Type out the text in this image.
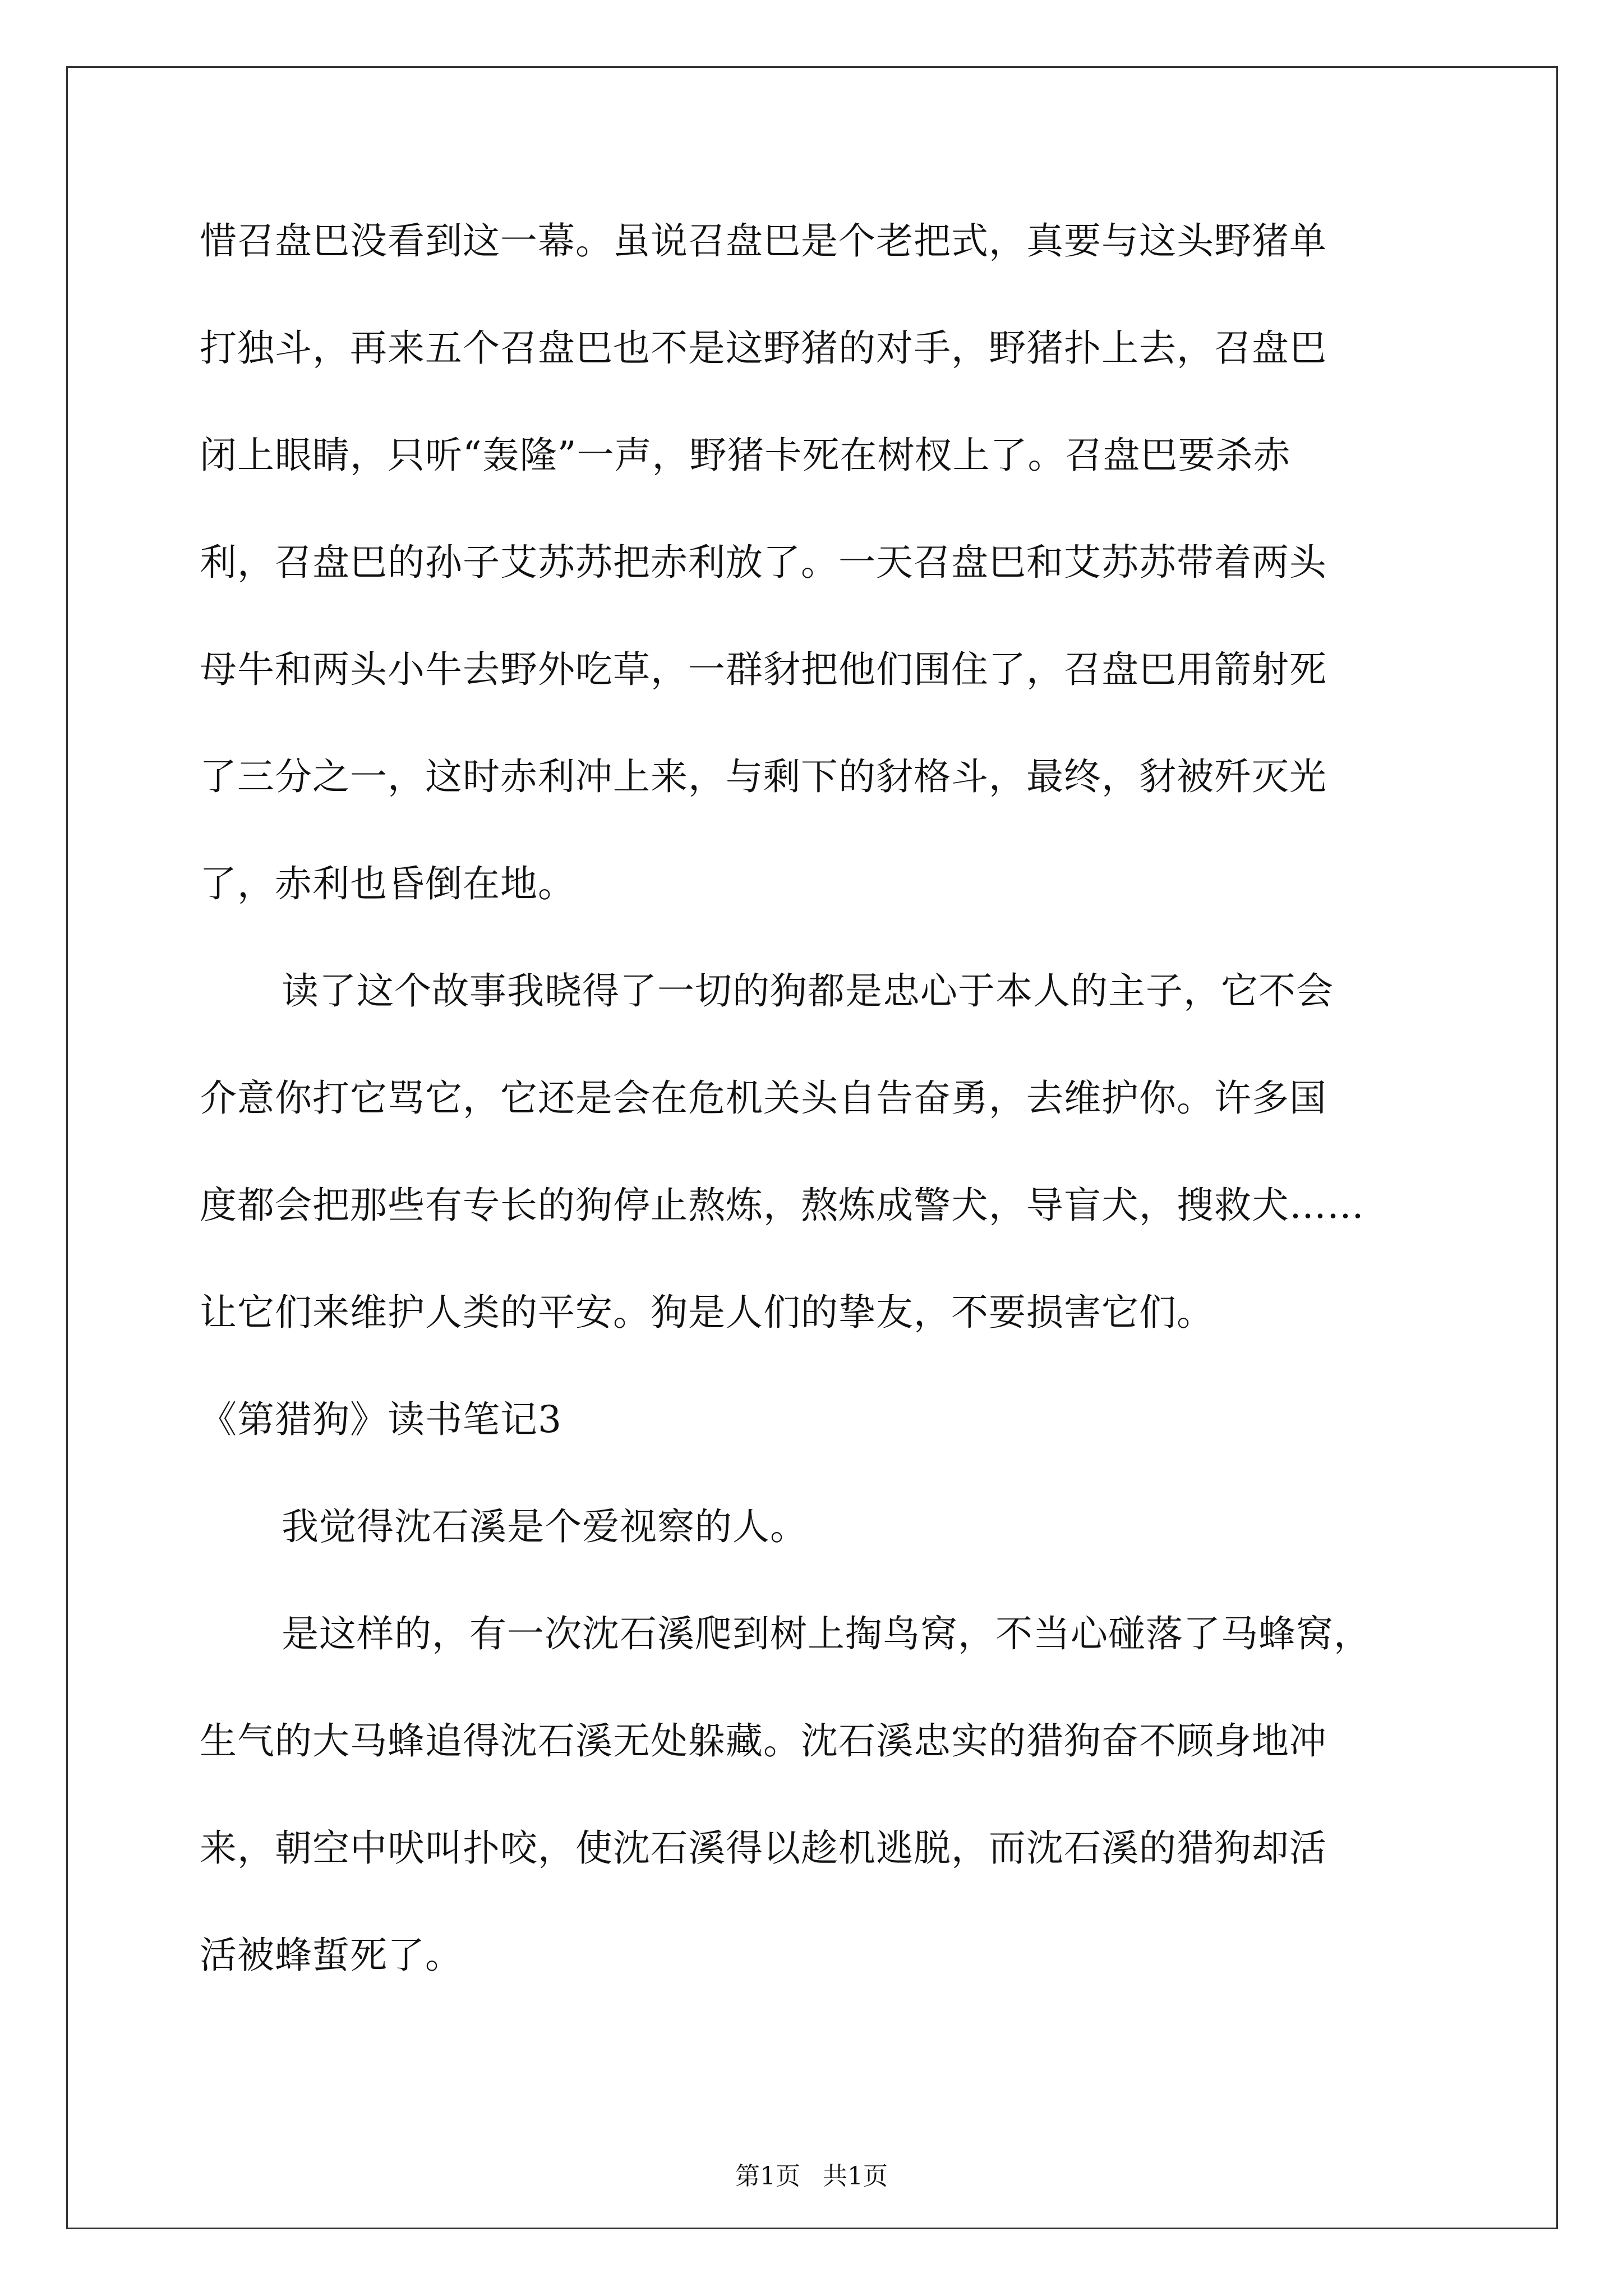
惜召盘巴没看到这一幕。虽说召盘巴是个老把式，真要与这头野猪单
打独斗，再来五个召盘巴也不是这野猪的对手，野猪扑上去，召盘巴
闭上眼睛，只听“轰隆”一声，野猪卡死在树杈上了。召盘巴要杀赤
利，召盘巴的孙子艾苏苏把赤利放了。一天召盘巴和艾苏苏带着两头
母牛和两头小牛去野外吃草，一群豺把他们围住了，召盘巴用箭射死
了三分之一，这时赤利冲上来，与剩下的豺格斗，最终，豺被歼灭光
了，赤利也昏倒在地。
读了这个故事我晓得了一切的狗都是忠心于本人的主子，它不会
介意你打它骂它，它还是会在危机关头自告奋勇，去维护你。许多国
度都会把那些有专长的狗停止熬炼，熬炼成警犬，导盲犬，搜救犬……
让它们来维护人类的平安。狗是人们的挚友，不要损害它们。
《第猎狗》读书笔记3
我觉得沈石溪是个爱视察的人。
是这样的，有一次沈石溪爬到树上掏鸟窝，不当心碰落了马蜂窝，
生气的大马蜂追得沈石溪无处躲藏。沈石溪忠实的猎狗奋不顾身地冲
来，朝空中吠叫扑咬，使沈石溪得以趁机逃脱，而沈石溪的猎狗却活
活被蜂蜇死了。
第1页 共1页
